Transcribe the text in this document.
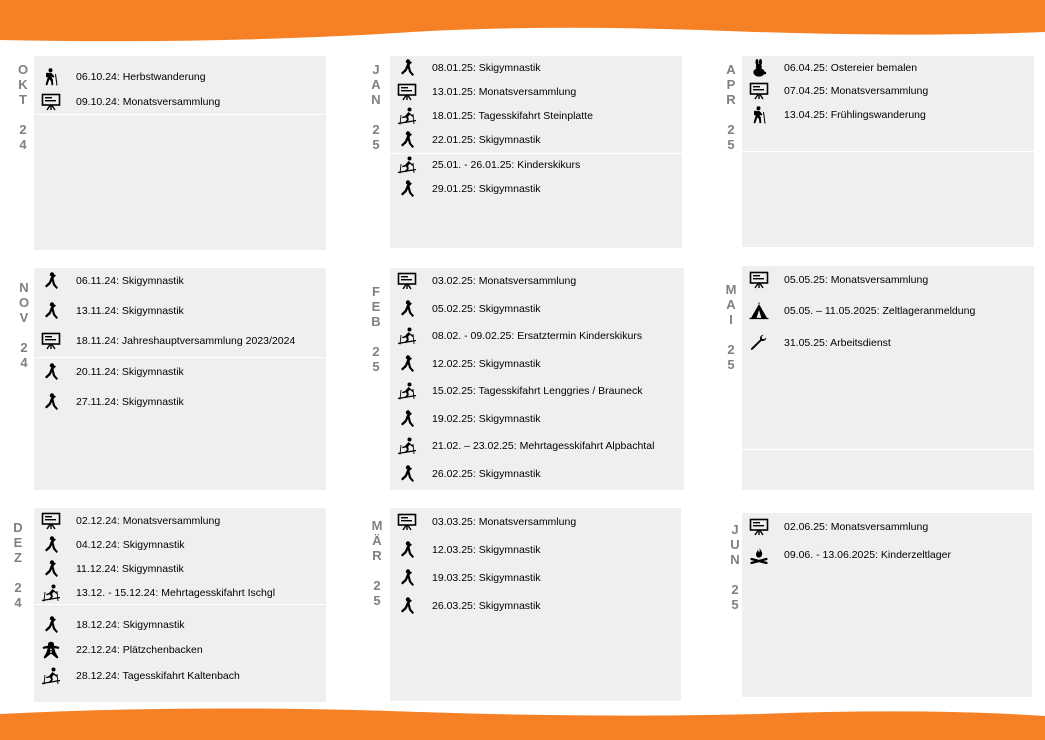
O
K
T

2
4
06.10.24: Herbstwanderung
09.10.24: Monatsversammlung
N
O
V

2
4
06.11.24: Skigymnastik
13.11.24: Skigymnastik
18.11.24: Jahreshauptversammlung 2023/2024
20.11.24: Skigymnastik
27.11.24: Skigymnastik
D
E
Z

2
4
02.12.24: Monatsversammlung
04.12.24: Skigymnastik
11.12.24: Skigymnastik
13.12. - 15.12.24: Mehrtagesskifahrt Ischgl
18.12.24: Skigymnastik
22.12.24: Plätzchenbacken
28.12.24: Tagesskifahrt Kaltenbach
J
A
N

2
5
08.01.25: Skigymnastik
13.01.25: Monatsversammlung
18.01.25: Tagesskifahrt Steinplatte
22.01.25: Skigymnastik
25.01. - 26.01.25: Kinderskikurs
29.01.25: Skigymnastik
F
E
B

2
5
03.02.25: Monatsversammlung
05.02.25: Skigymnastik
08.02. - 09.02.25: Ersatztermin Kinderskikurs
12.02.25: Skigymnastik
15.02.25: Tagesskifahrt Lenggries / Brauneck
19.02.25: Skigymnastik
21.02. – 23.02.25: Mehrtagesskifahrt Alpbachtal
26.02.25: Skigymnastik
M
Ä
R

2
5
03.03.25: Monatsversammlung
12.03.25: Skigymnastik
19.03.25: Skigymnastik
26.03.25: Skigymnastik
A
P
R

2
5
06.04.25: Ostereier bemalen
07.04.25: Monatsversammlung
13.04.25: Frühlingswanderung
M
A
I

2
5
05.05.25: Monatsversammlung
05.05. – 11.05.2025: Zeltlageranmeldung
31.05.25: Arbeitsdienst
J
U
N

2
5
02.06.25: Monatsversammlung
09.06. - 13.06.2025: Kinderzeltlager
